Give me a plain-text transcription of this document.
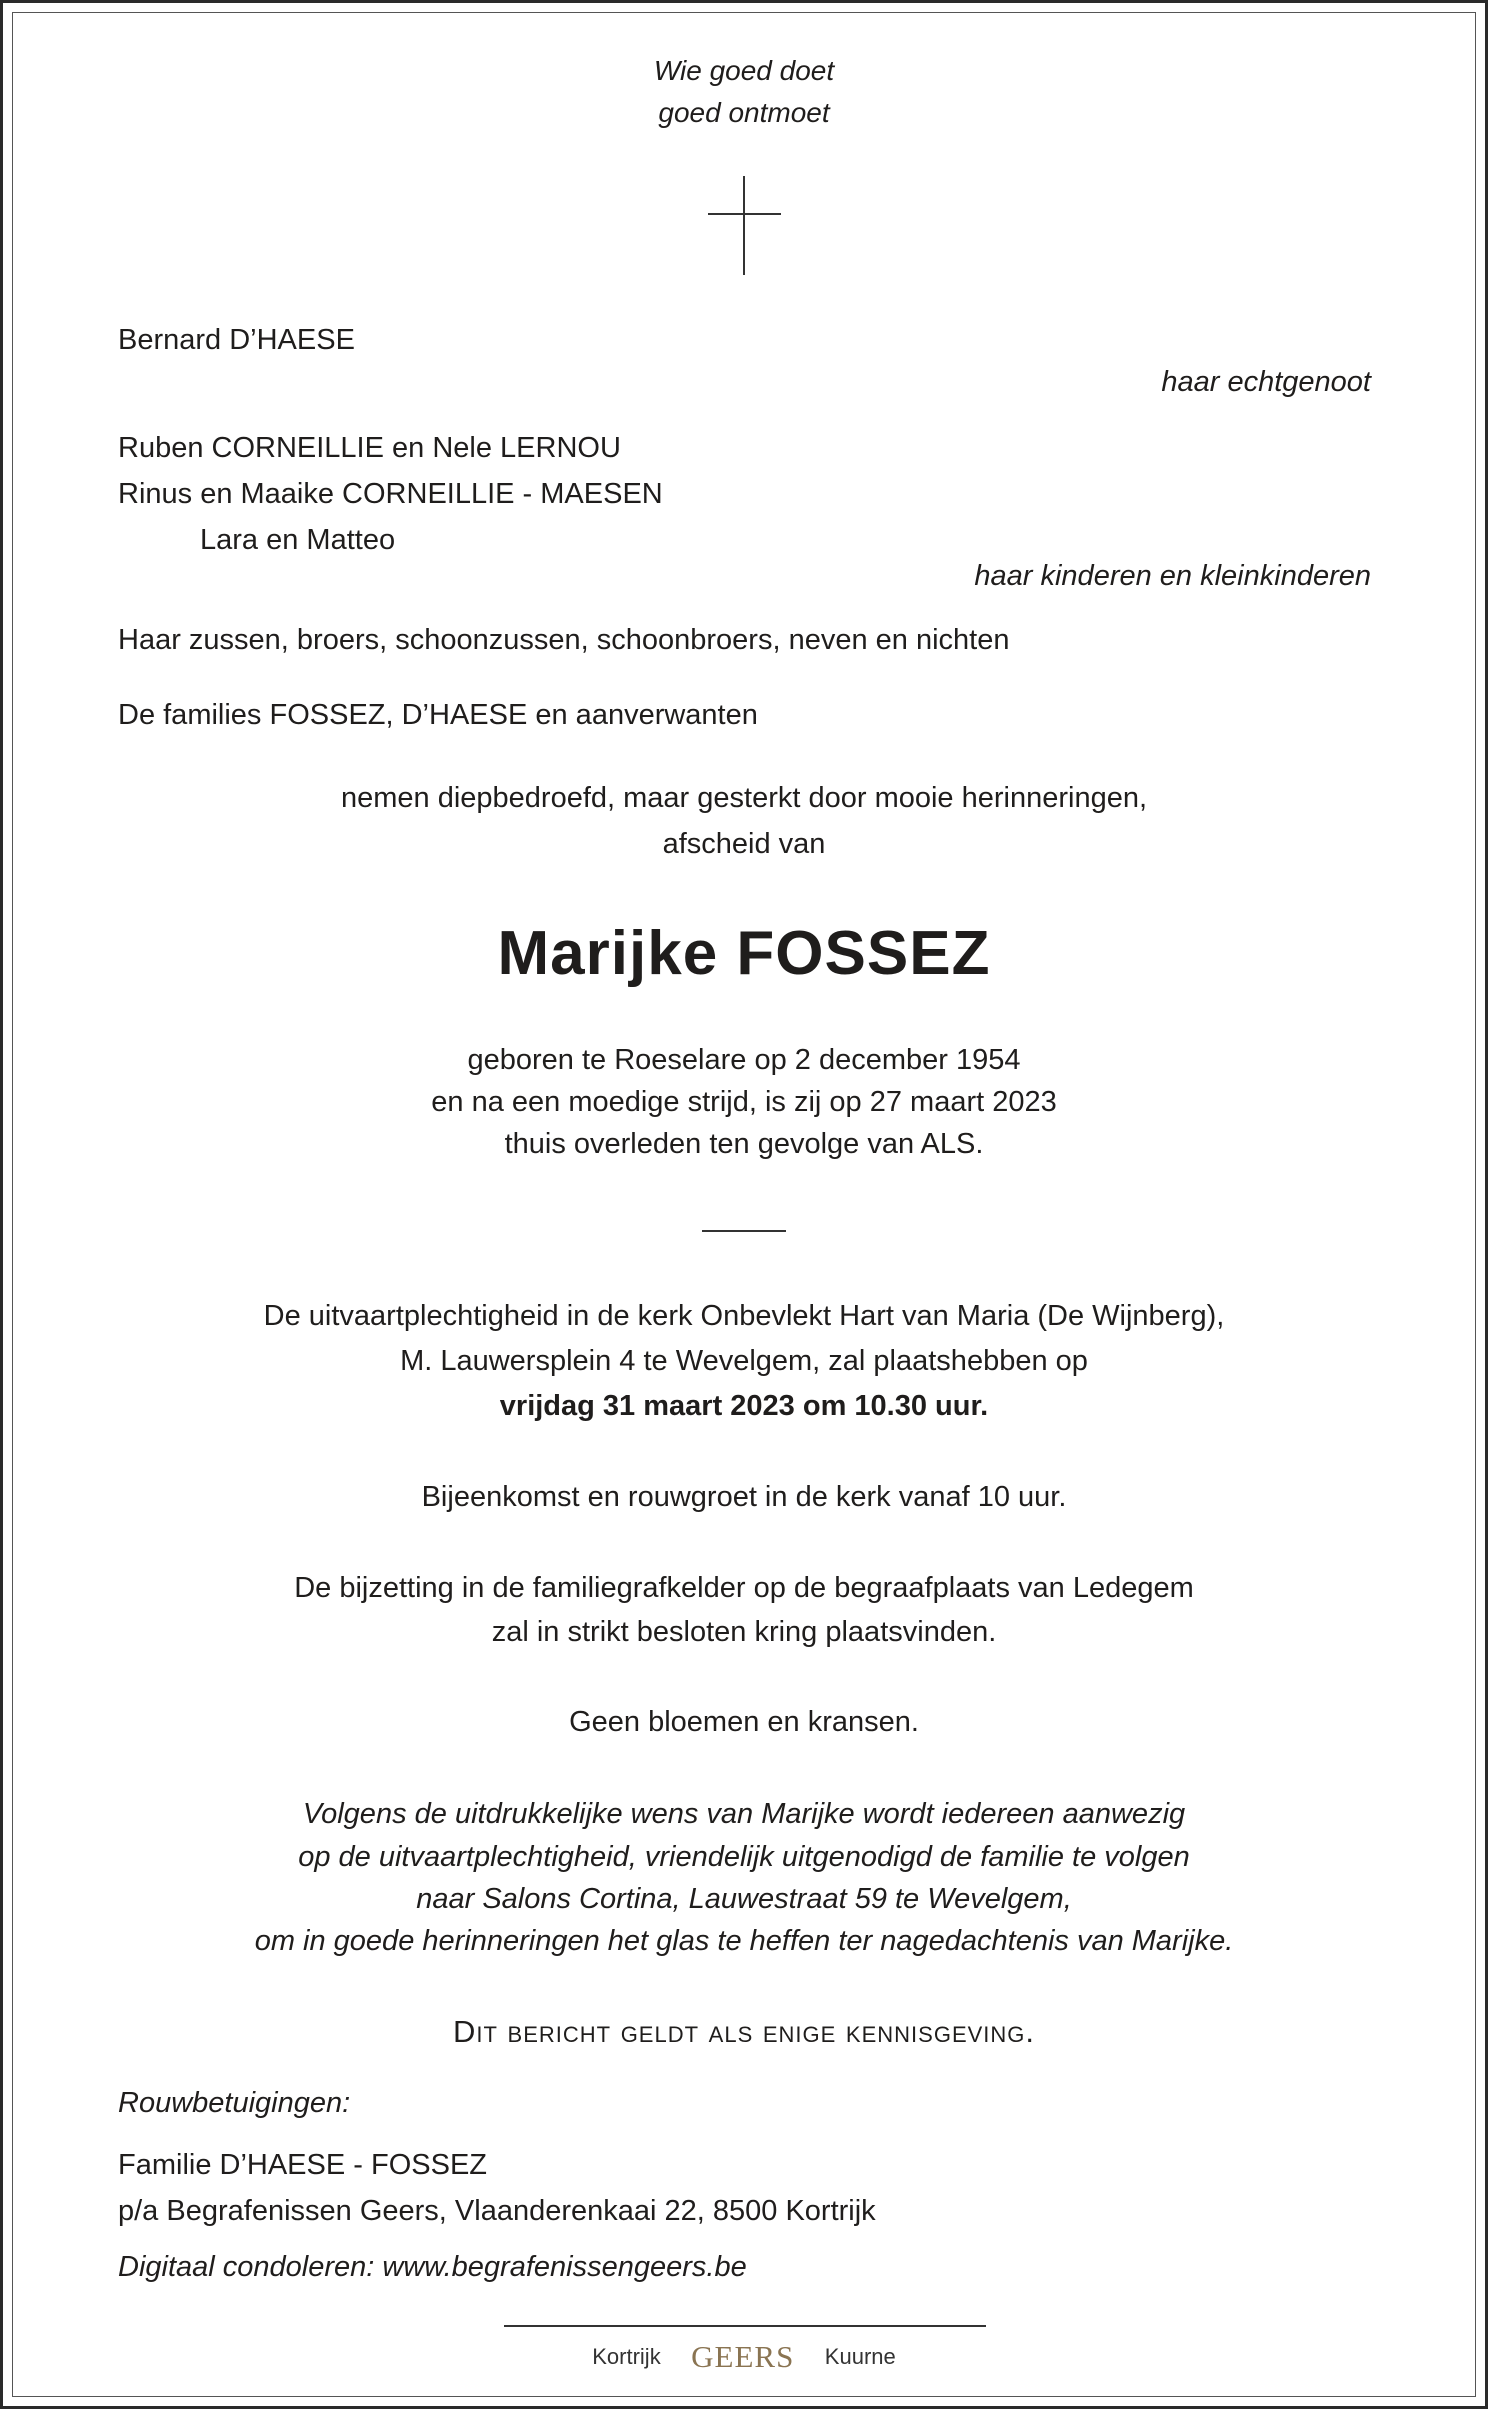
Wie goed doet
goed ontmoet
Bernard D’HAESE
haar echtgenoot
Ruben CORNEILLIE en Nele LERNOU
Rinus en Maaike CORNEILLIE - MAESEN
Lara en Matteo
haar kinderen en kleinkinderen
Haar zussen, broers, schoonzussen, schoonbroers, neven en nichten
De families FOSSEZ, D’HAESE en aanverwanten
nemen diepbedroefd, maar gesterkt door mooie herinneringen,
afscheid van
Marijke FOSSEZ
geboren te Roeselare op 2 december 1954
en na een moedige strijd, is zij op 27 maart 2023
thuis overleden ten gevolge van ALS.
De uitvaartplechtigheid in de kerk Onbevlekt Hart van Maria (De Wijnberg),
M. Lauwersplein 4 te Wevelgem, zal plaatshebben op
vrijdag 31 maart 2023 om 10.30 uur.
Bijeenkomst en rouwgroet in de kerk vanaf 10 uur.
De bijzetting in de familiegrafkelder op de begraafplaats van Ledegem
zal in strikt besloten kring plaatsvinden.
Geen bloemen en kransen.
Volgens de uitdrukkelijke wens van Marijke wordt iedereen aanwezig
op de uitvaartplechtigheid, vriendelijk uitgenodigd de familie te volgen
naar Salons Cortina, Lauwestraat 59 te Wevelgem,
om in goede herinneringen het glas te heffen ter nagedachtenis van Marijke.
Dit bericht geldt als enige kennisgeving.
Rouwbetuigingen:
Familie D’HAESE - FOSSEZ
p/a Begrafenissen Geers, Vlaanderenkaai 22, 8500 Kortrijk
Digitaal condoleren: www.begrafenissengeers.be
Kortrijk GEERS Kuurne
